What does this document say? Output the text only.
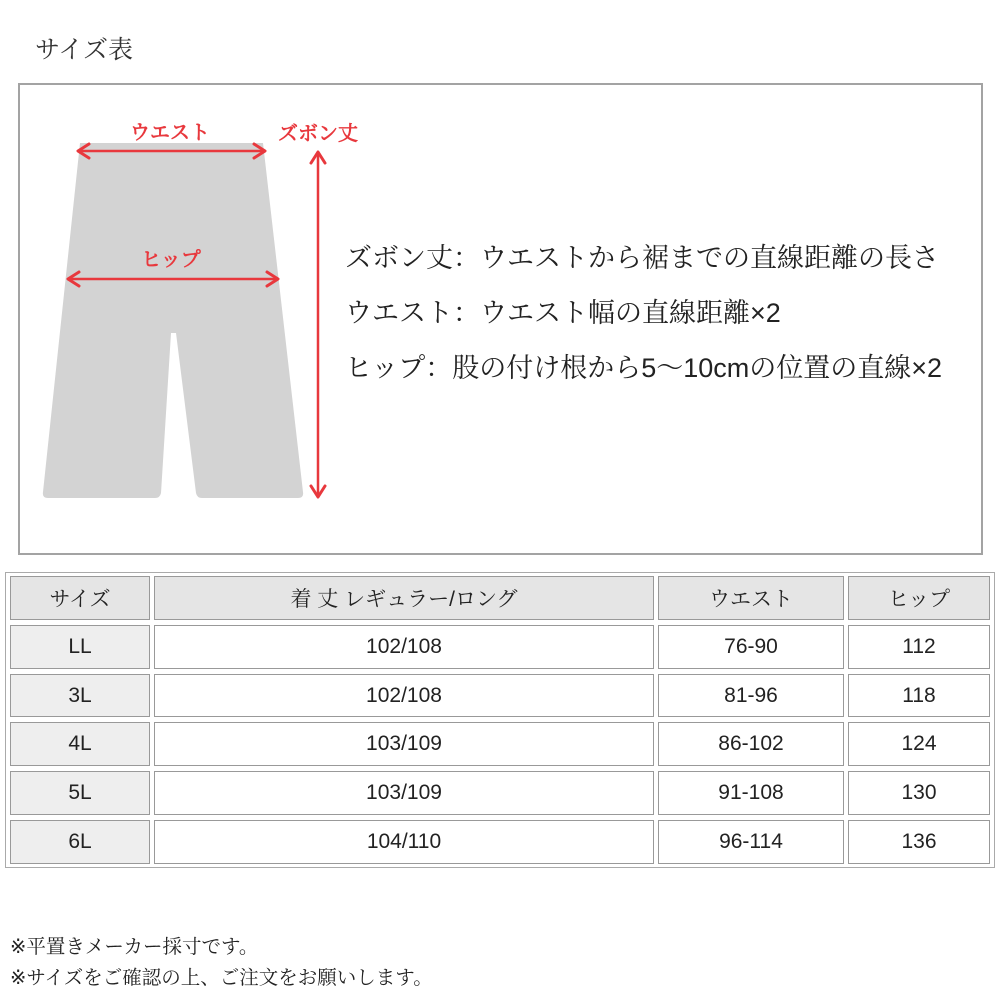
サイズ表
ウエスト
ヒップ
ズボン丈
ズボン丈：ウエストから裾までの直線距離の長さ
ウエスト：ウエスト幅の直線距離×2
ヒップ：股の付け根から5〜10cmの位置の直線×2
サイズ	着 丈 レギュラー/ロング	ウエスト	ヒップ
LL	102/108	76-90	112
3L	102/108	81-96	118
4L	103/109	86-102	124
5L	103/109	91-108	130
6L	104/110	96-114	136
※平置きメーカー採寸です。
※サイズをご確認の上、ご注文をお願いします。
